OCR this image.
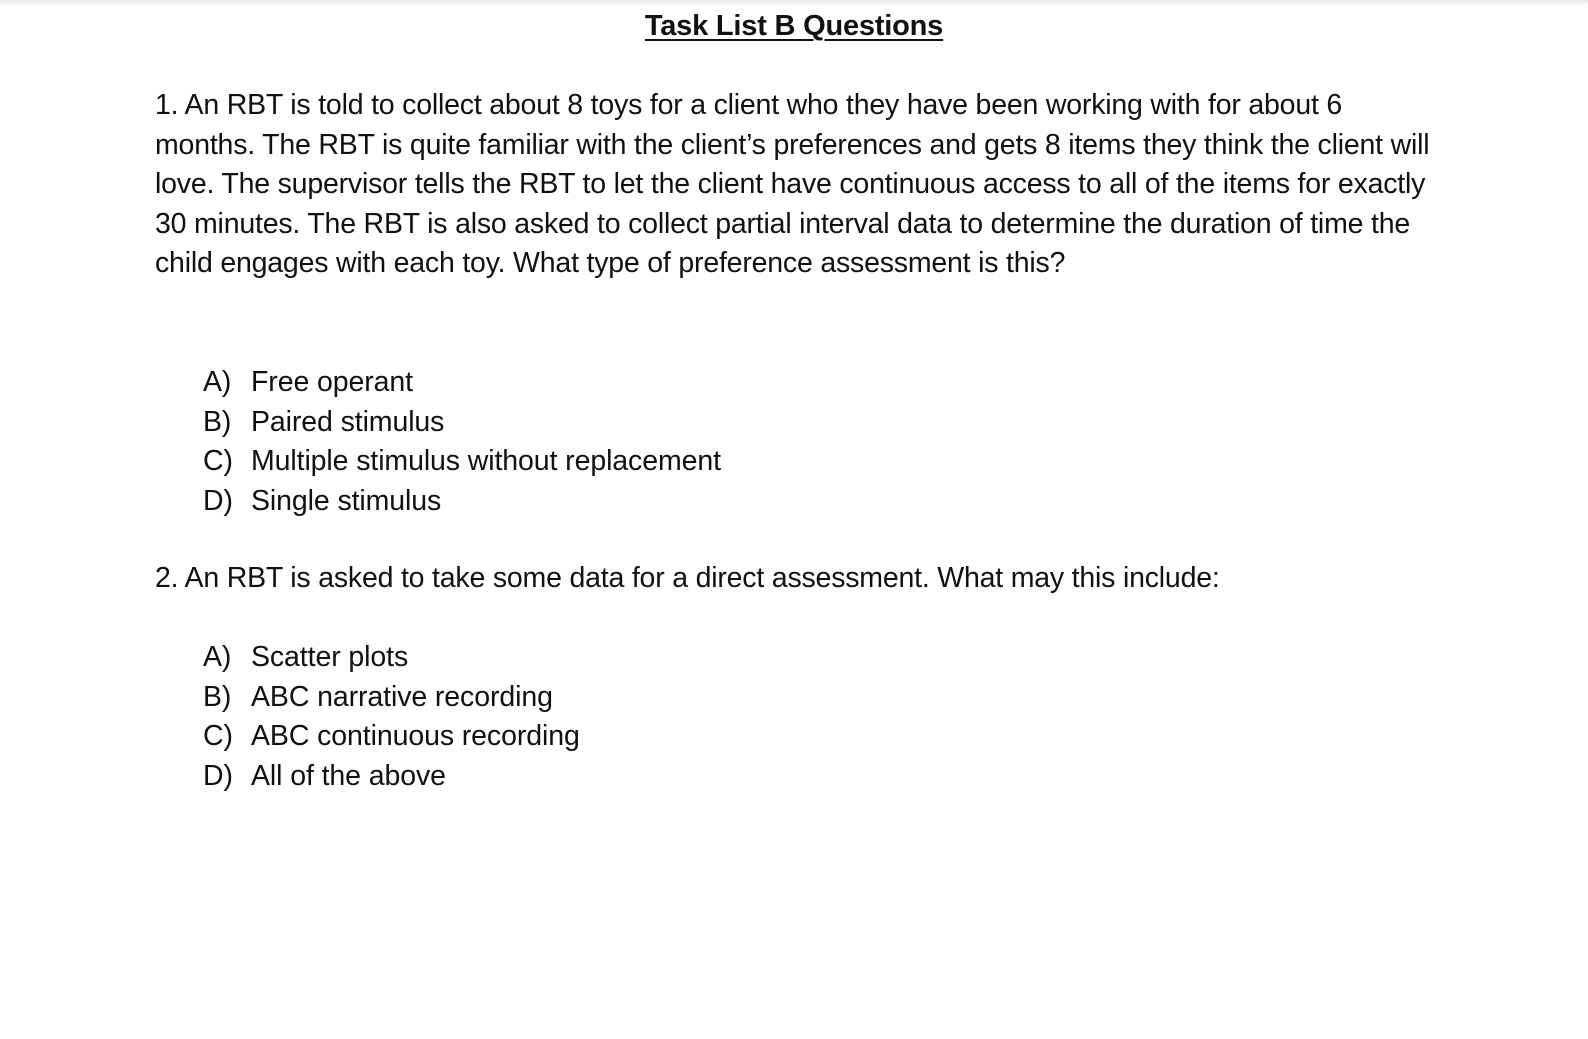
Task List B Questions
1. An RBT is told to collect about 8 toys for a client who they have been working with for about 6 months. The RBT is quite familiar with the client’s preferences and gets 8 items they think the client will love. The supervisor tells the RBT to let the client have continuous access to all of the items for exactly 30 minutes. The RBT is also asked to collect partial interval data to determine the duration of time the child engages with each toy. What type of preference assessment is this?
A) Free operant
B) Paired stimulus
C) Multiple stimulus without replacement
D) Single stimulus
2. An RBT is asked to take some data for a direct assessment. What may this include:
A) Scatter plots
B) ABC narrative recording
C) ABC continuous recording
D) All of the above
